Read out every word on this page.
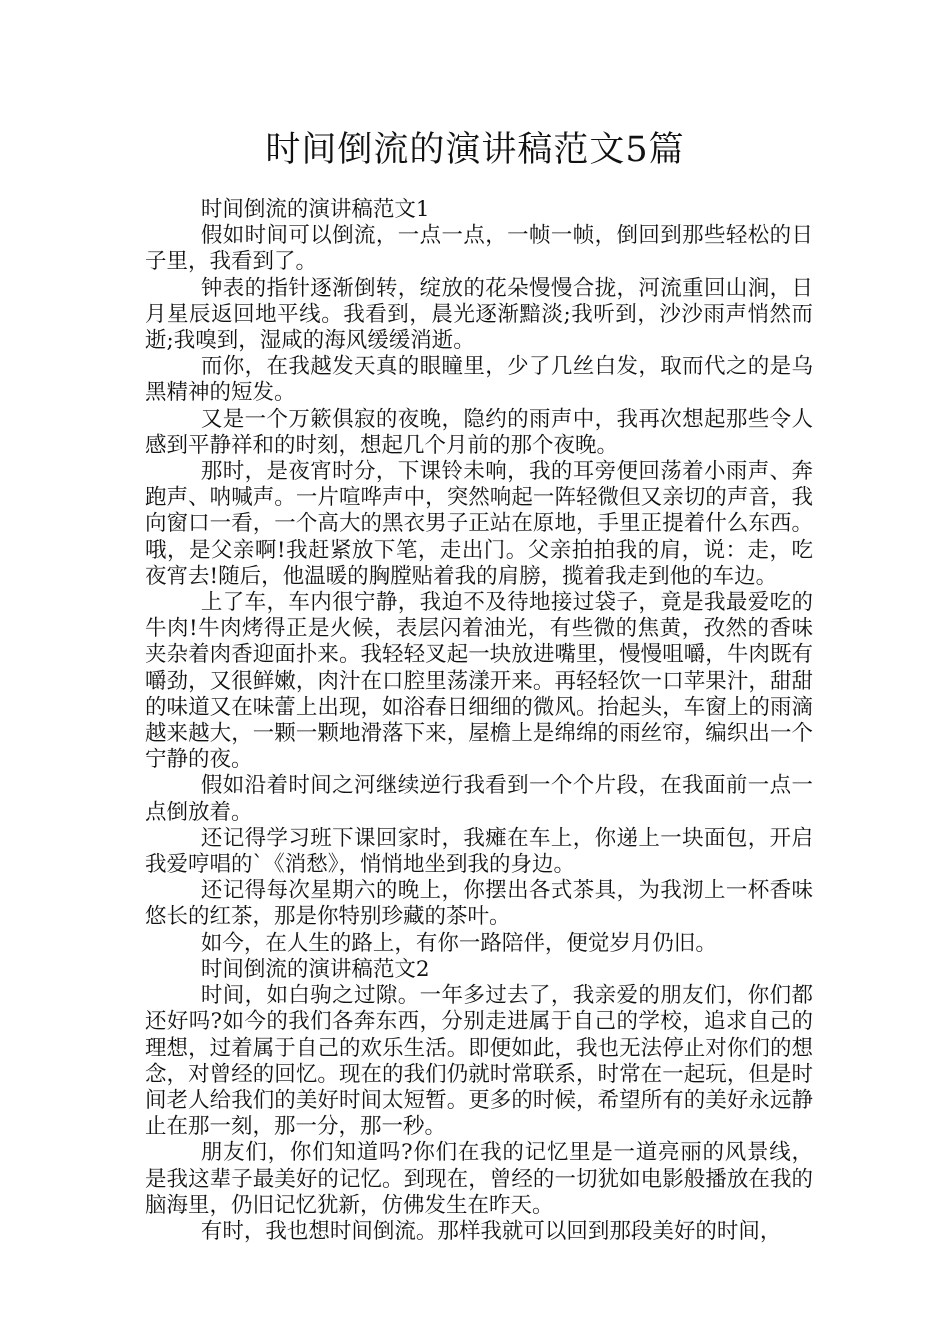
时间倒流的演讲稿范文5篇

时间倒流的演讲稿范文1

假如时间可以倒流，一点一点，一帧一帧，倒回到那些轻松的日子里，我看到了。

钟表的指针逐渐倒转，绽放的花朵慢慢合拢，河流重回山涧，日月星辰返回地平线。我看到，晨光逐渐黯淡;我听到，沙沙雨声悄然而逝;我嗅到，湿咸的海风缓缓消逝。

而你，在我越发天真的眼瞳里，少了几丝白发，取而代之的是乌黑精神的短发。

又是一个万簌俱寂的夜晚，隐约的雨声中，我再次想起那些令人感到平静祥和的时刻，想起几个月前的那个夜晚。

那时，是夜宵时分，下课铃未响，我的耳旁便回荡着小雨声、奔跑声、呐喊声。一片喧哗声中，突然响起一阵轻微但又亲切的声音，我向窗口一看，一个高大的黑衣男子正站在原地，手里正提着什么东西。哦，是父亲啊!我赶紧放下笔，走出门。父亲拍拍我的肩，说：走，吃夜宵去!随后，他温暖的胸膛贴着我的肩膀，揽着我走到他的车边。

上了车，车内很宁静，我迫不及待地接过袋子，竟是我最爱吃的牛肉!牛肉烤得正是火候，表层闪着油光，有些微的焦黄，孜然的香味夹杂着肉香迎面扑来。我轻轻叉起一块放进嘴里，慢慢咀嚼，牛肉既有嚼劲，又很鲜嫩，肉汁在口腔里荡漾开来。再轻轻饮一口苹果汁，甜甜的味道又在味蕾上出现，如浴春日细细的微风。抬起头，车窗上的雨滴越来越大，一颗一颗地滑落下来，屋檐上是绵绵的雨丝帘，编织出一个宁静的夜。

假如沿着时间之河继续逆行我看到一个个片段，在我面前一点一点倒放着。

还记得学习班下课回家时，我瘫在车上，你递上一块面包，开启我爱哼唱的`《消愁》，悄悄地坐到我的身边。

还记得每次星期六的晚上，你摆出各式茶具，为我沏上一杯香味悠长的红茶，那是你特别珍藏的茶叶。

如今，在人生的路上，有你一路陪伴，便觉岁月仍旧。

时间倒流的演讲稿范文2

时间，如白驹之过隙。一年多过去了，我亲爱的朋友们，你们都还好吗?如今的我们各奔东西，分别走进属于自己的学校，追求自己的理想，过着属于自己的欢乐生活。即便如此，我也无法停止对你们的想念，对曾经的回忆。现在的我们仍就时常联系，时常在一起玩，但是时间老人给我们的美好时间太短暂。更多的时候，希望所有的美好永远静止在那一刻，那一分，那一秒。

朋友们，你们知道吗?你们在我的记忆里是一道亮丽的风景线，是我这辈子最美好的记忆。到现在，曾经的一切犹如电影般播放在我的脑海里，仍旧记忆犹新，仿佛发生在昨天。

有时，我也想时间倒流。那样我就可以回到那段美好的时间，
